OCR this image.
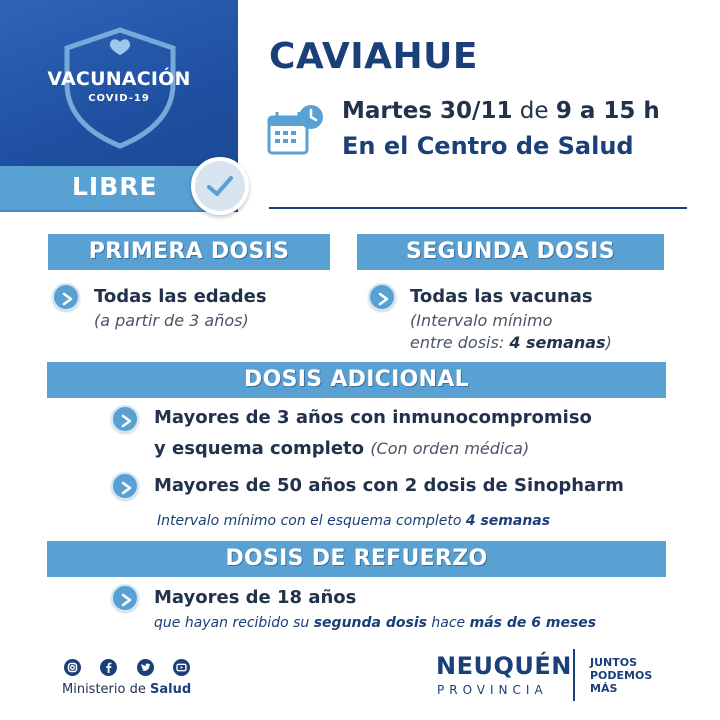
VACUNACIÓN
COVID-19
LIBRE
CAVIAHUE
Martes 30/11 de 9 a 15 h
En el Centro de Salud
PRIMERA DOSIS
Todas las edades
(a partir de 3 años)
SEGUNDA DOSIS
Todas las vacunas
(Intervalo mínimo
entre dosis: 4 semanas)
DOSIS ADICIONAL
Mayores de 3 años con inmunocompromiso
y esquema completo (Con orden médica)
Mayores de 50 años con 2 dosis de Sinopharm
Intervalo mínimo con el esquema completo 4 semanas
DOSIS DE REFUERZO
Mayores de 18 años
que hayan recibido su segunda dosis hace más de 6 meses
Ministerio de Salud
NEUQUÉN
PROVINCIA
JUNTOS
PODEMOS
MÁS
